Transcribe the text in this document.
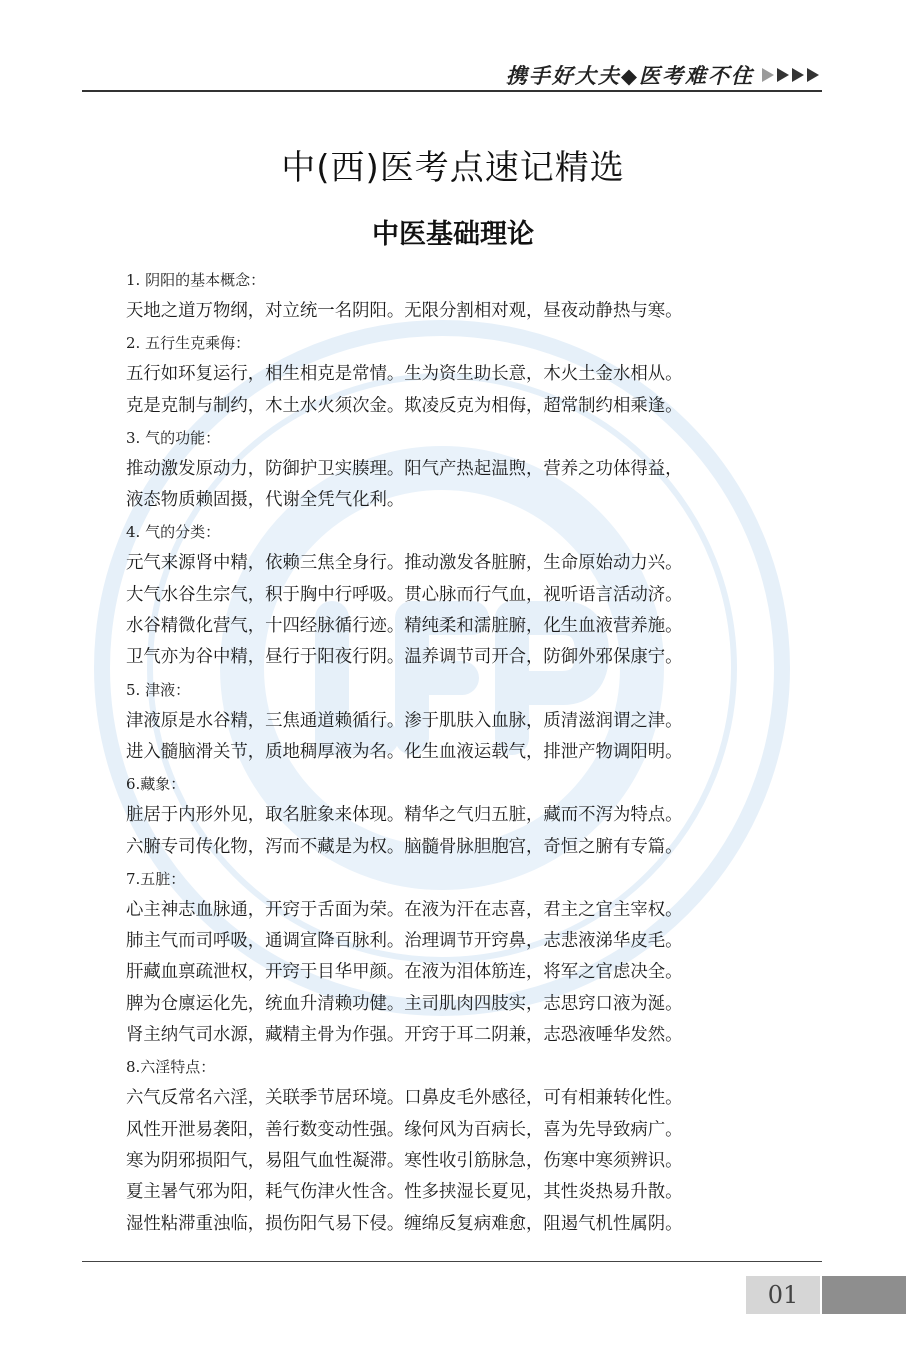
携手好大夫◆医考难不住
中(西)医考点速记精选
中医基础理论

1. 阴阳的基本概念：

天地之道万物纲，对立统一名阴阳。无限分割相对观，昼夜动静热与寒。

2. 五行生克乘侮：

五行如环复运行，相生相克是常情。生为资生助长意，木火土金水相从。

克是克制与制约，木土水火须次金。欺凌反克为相侮，超常制约相乘逢。

3. 气的功能：

推动激发原动力，防御护卫实腠理。阳气产热起温煦，营养之功体得益，

液态物质赖固摄，代谢全凭气化利。

4. 气的分类：

元气来源肾中精，依赖三焦全身行。推动激发各脏腑，生命原始动力兴。

大气水谷生宗气，积于胸中行呼吸。贯心脉而行气血，视听语言活动济。

水谷精微化营气，十四经脉循行迹。精纯柔和濡脏腑，化生血液营养施。

卫气亦为谷中精，昼行于阳夜行阴。温养调节司开合，防御外邪保康宁。

5. 津液：

津液原是水谷精，三焦通道赖循行。渗于肌肤入血脉，质清滋润谓之津。

进入髓脑滑关节，质地稠厚液为名。化生血液运载气，排泄产物调阳明。

6.藏象：

脏居于内形外见，取名脏象来体现。精华之气归五脏，藏而不泻为特点。

六腑专司传化物，泻而不藏是为权。脑髓骨脉胆胞宫，奇恒之腑有专篇。

7.五脏：

心主神志血脉通，开窍于舌面为荣。在液为汗在志喜，君主之官主宰权。

肺主气而司呼吸，通调宣降百脉利。治理调节开窍鼻，志悲液涕华皮毛。

肝藏血禀疏泄权，开窍于目华甲颜。在液为泪体筋连，将军之官虑决全。

脾为仓廪运化先，统血升清赖功健。主司肌肉四肢实，志思窍口液为涎。

肾主纳气司水源，藏精主骨为作强。开窍于耳二阴兼，志恐液唾华发然。

8.六淫特点：

六气反常名六淫，关联季节居环境。口鼻皮毛外感径，可有相兼转化性。

风性开泄易袭阳，善行数变动性强。缘何风为百病长，喜为先导致病广。

寒为阴邪损阳气，易阻气血性凝滞。寒性收引筋脉急，伤寒中寒须辨识。

夏主暑气邪为阳，耗气伤津火性含。性多挟湿长夏见，其性炎热易升散。

湿性粘滞重浊临，损伤阳气易下侵。缠绵反复病难愈，阻遏气机性属阴。

01
